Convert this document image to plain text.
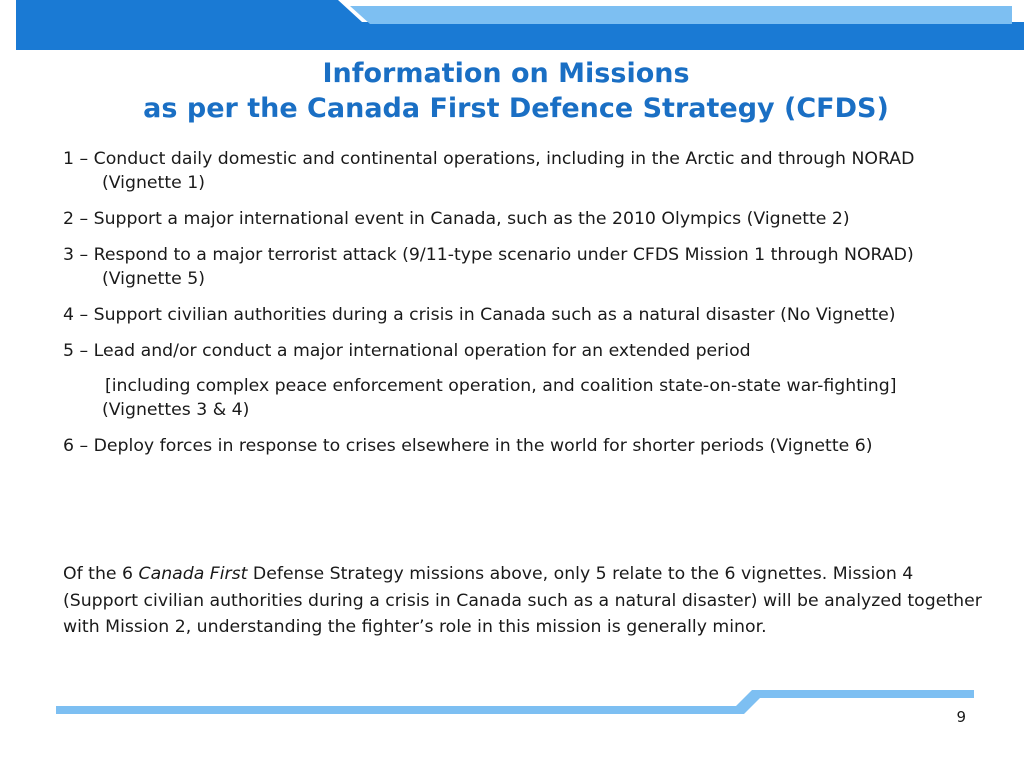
Information on Missions
as per the Canada First Defence Strategy (CFDS)
1 – Conduct daily domestic and continental operations, including in the Arctic and through NORAD (Vignette 1)
2 – Support a major international event in Canada, such as the 2010 Olympics (Vignette 2)
3 – Respond to a major terrorist attack (9/11-type scenario under CFDS Mission 1 through NORAD) (Vignette 5)
4 – Support civilian authorities during a crisis in Canada such as a natural disaster (No Vignette)
5 – Lead and/or conduct a major international operation for an extended period
[including complex peace enforcement operation, and coalition state-on-state war-fighting] (Vignettes 3 & 4)
6 – Deploy forces in response to crises elsewhere in the world for shorter periods (Vignette 6)

Of the 6 Canada First Defense Strategy missions above, only 5 relate to the 6 vignettes. Mission 4 (Support civilian authorities during a crisis in Canada such as a natural disaster) will be analyzed together with Mission 2, understanding the fighter’s role in this mission is generally minor.

9
